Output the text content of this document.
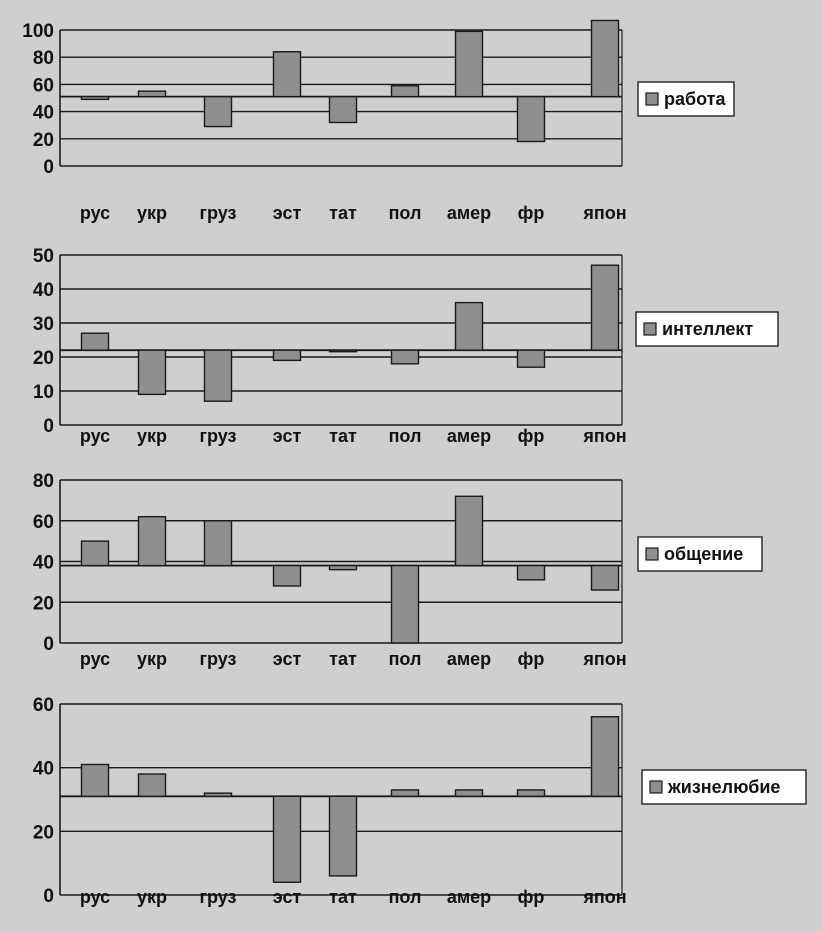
0
20
40
60
80
100
рус укр груз эст тат пол амер фр япон
работа
0
10
20
30
40
50
рус укр груз эст тат пол амер фр япон
интеллект
0
20
40
60
80
рус укр груз эст тат пол амер фр япон
общение
0
20
40
60
рус укр груз эст тат пол амер фр япон
жизнелюбие
